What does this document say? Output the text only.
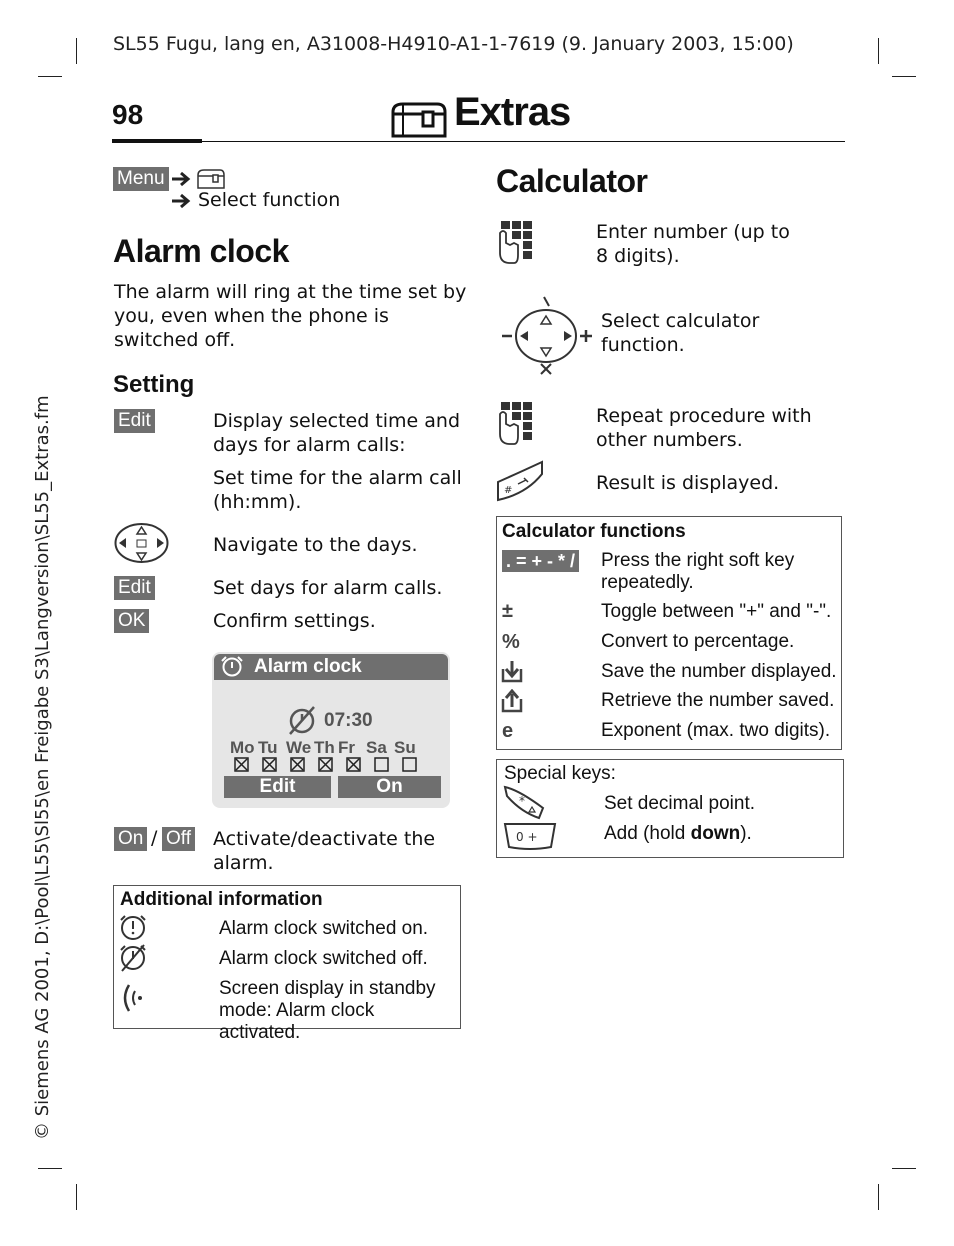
SL55 Fugu, lang en, A31008-H4910-A1-1-7619 (9. January 2003, 15:00)
98	Extras
© Siemens AG 2001, D:\Pool\L55\Sl55\en Freigabe S3\Langversion\SL55_Extras.fm
Menu
Select function
Alarm clock
The alarm will ring at the time set by
you, even when the phone is
switched off.
Setting
Edit	Display selected time and
days for alarm calls:
Set time for the alarm call
(hh:mm).
Navigate to the days.
Edit	Set days for alarm calls.
OK	Confirm settings.
Alarm clock
07:30
Mo Tu We Th Fr Sa Su
Edit	On
On / Off Activate/deactivate the
alarm.
Additional information
Alarm clock switched on.
Alarm clock switched off.
Screen display in standby
mode: Alarm clock activated.
Calculator
Enter number (up to
8 digits).
Select calculator
function.
Repeat procedure with
other numbers.
#	Result is displayed.
Calculator functions
. = + - * / Press the right soft key
repeatedly.
±	Toggle between "+" and "-".
%	Convert to percentage.
Save the number displayed.
Retrieve the number saved.
e	Exponent (max. two digits).
Special keys:
*	Set decimal point.
0 +	Add (hold down).
